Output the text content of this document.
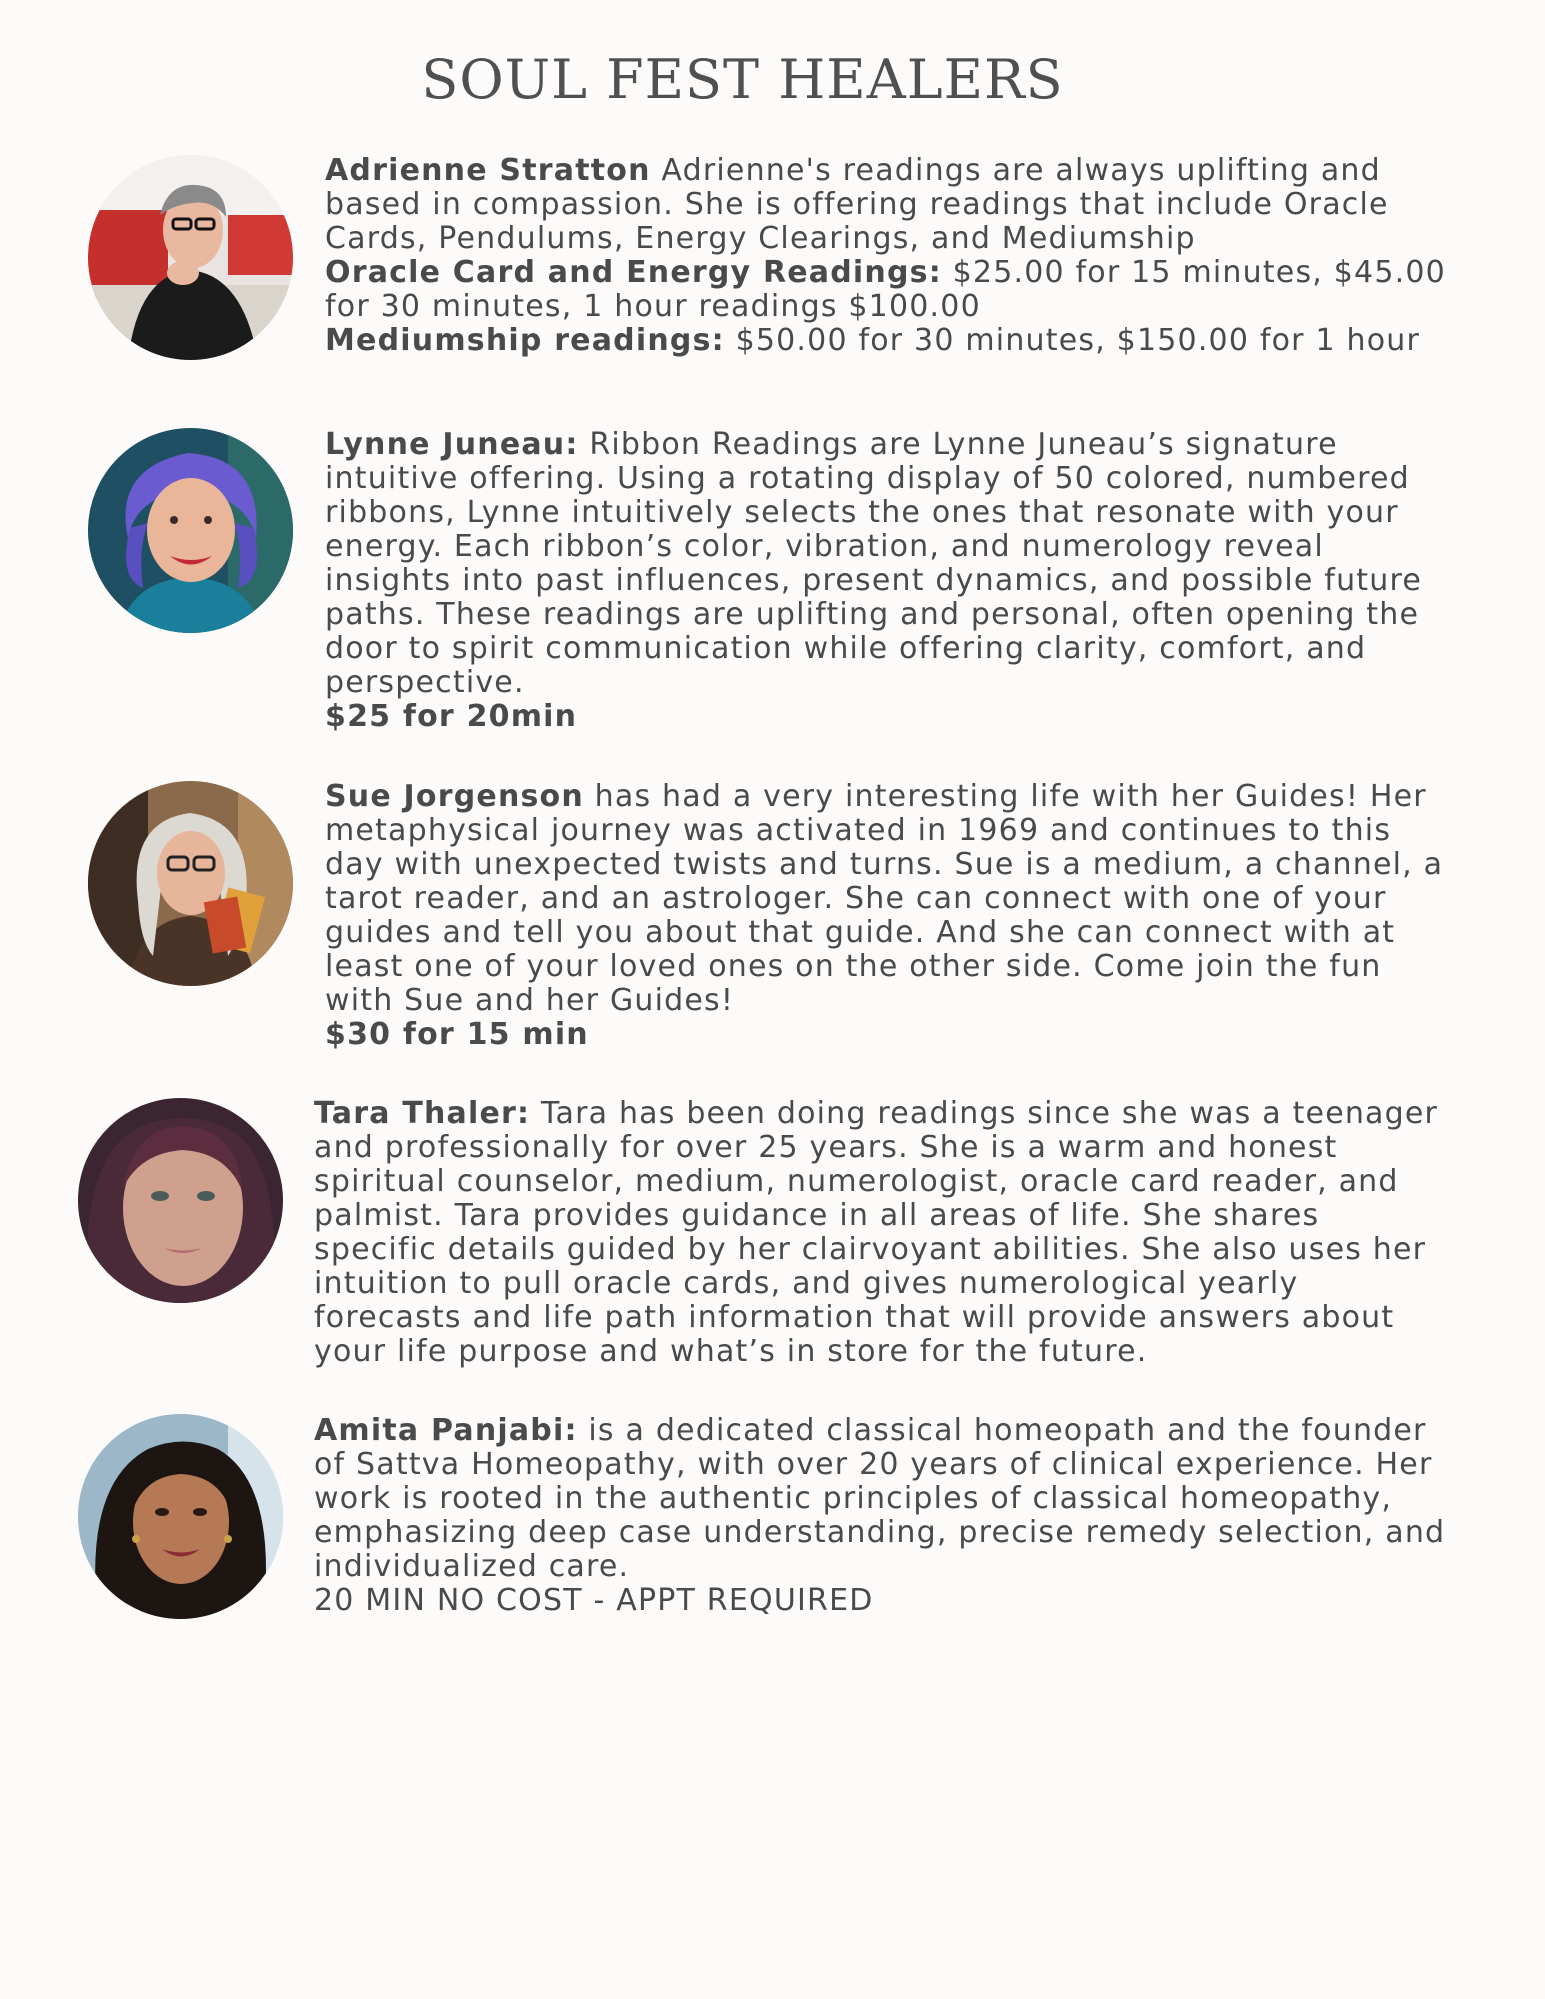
SOUL FEST HEALERS

Adrienne Stratton Adrienne's readings are always uplifting and based in compassion. She is offering readings that include Oracle Cards, Pendulums, Energy Clearings, and Mediumship

Oracle Card and Energy Readings: $25.00 for 15 minutes, $45.00 for 30 minutes, 1 hour readings $100.00

Mediumship readings: $50.00 for 30 minutes, $150.00 for 1 hour

Lynne Juneau: Ribbon Readings are Lynne Juneau’s signature intuitive offering. Using a rotating display of 50 colored, numbered ribbons, Lynne intuitively selects the ones that resonate with your energy. Each ribbon’s color, vibration, and numerology reveal insights into past influences, present dynamics, and possible future paths. These readings are uplifting and personal, often opening the door to spirit communication while offering clarity, comfort, and perspective.

$25 for 20min

Sue Jorgenson has had a very interesting life with her Guides! Her metaphysical journey was activated in 1969 and continues to this day with unexpected twists and turns. Sue is a medium, a channel, a tarot reader, and an astrologer. She can connect with one of your guides and tell you about that guide. And she can connect with at least one of your loved ones on the other side. Come join the fun with Sue and her Guides!

$30 for 15 min

Tara Thaler: Tara has been doing readings since she was a teenager and professionally for over 25 years. She is a warm and honest spiritual counselor, medium, numerologist, oracle card reader, and palmist. Tara provides guidance in all areas of life. She shares specific details guided by her clairvoyant abilities. She also uses her intuition to pull oracle cards, and gives numerological yearly forecasts and life path information that will provide answers about your life purpose and what’s in store for the future.

Amita Panjabi: is a dedicated classical homeopath and the founder of Sattva Homeopathy, with over 20 years of clinical experience. Her work is rooted in the authentic principles of classical homeopathy, emphasizing deep case understanding, precise remedy selection, and individualized care.

20 MIN NO COST - APPT REQUIRED
